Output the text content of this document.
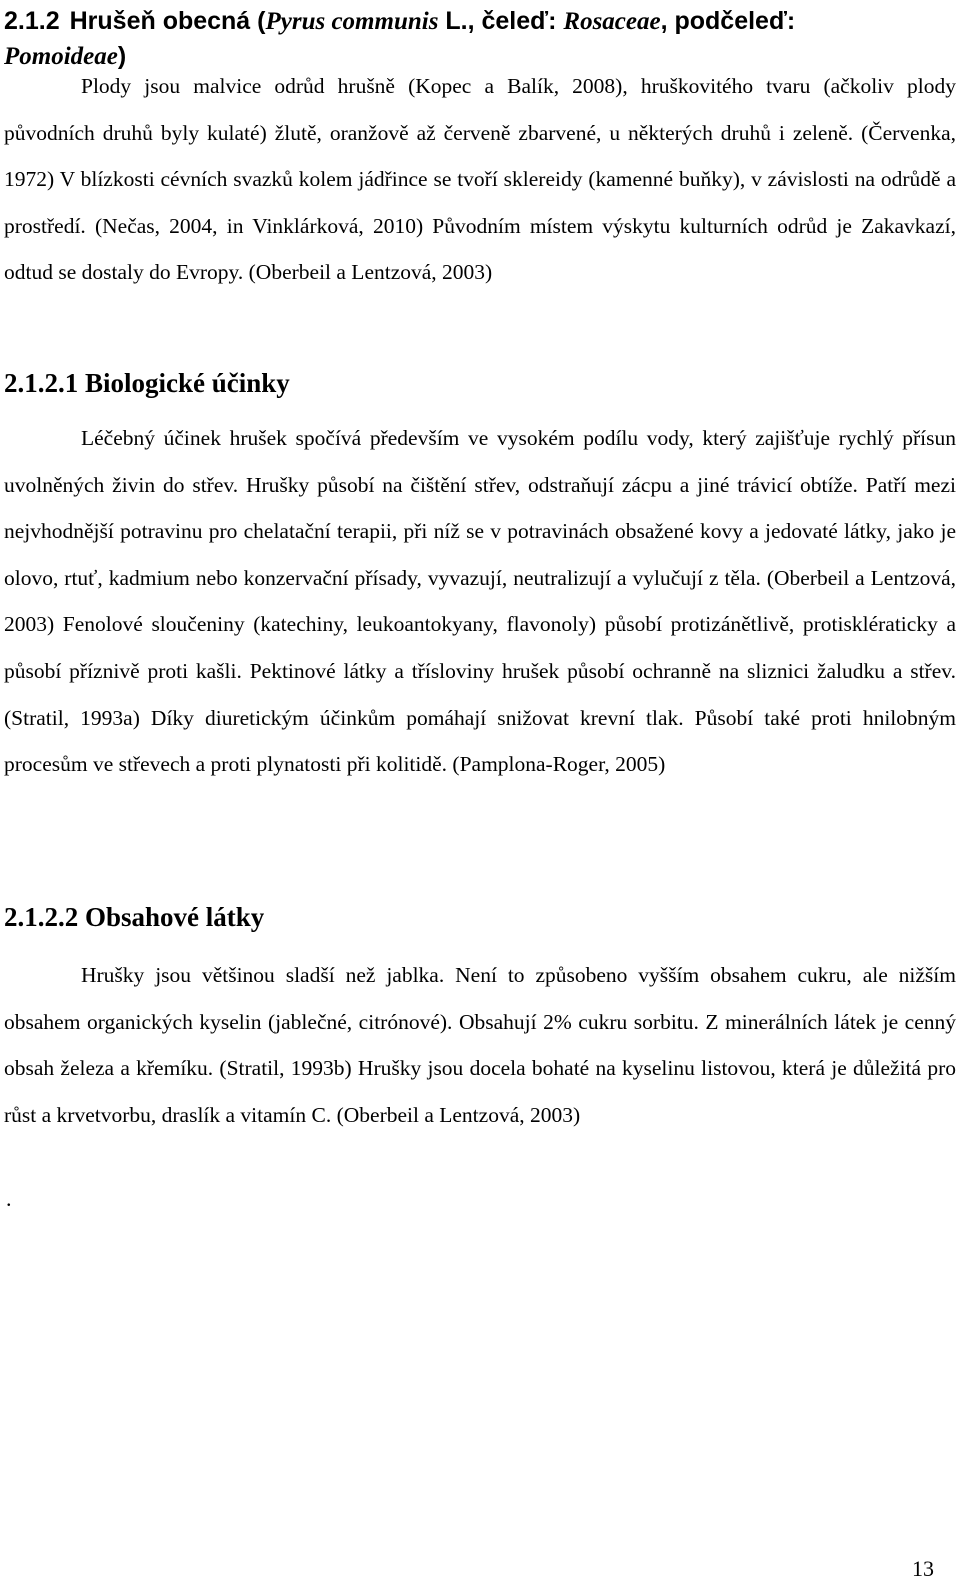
2.1.2 Hrušeň obecná (Pyrus communis L., čeleď: Rosaceae, podčeleď:
Pomoideae)

Plody jsou malvice odrůd hrušně (Kopec a Balík, 2008), hruškovitého tvaru (ačkoliv plody původních druhů byly kulaté) žlutě, oranžově až červeně zbarvené, u některých druhů i zeleně. (Červenka, 1972) V blízkosti cévních svazků kolem jádřince se tvoří sklereidy (kamenné buňky), v závislosti na odrůdě a prostředí. (Nečas, 2004, in Vinklárková, 2010) Původním místem výskytu kulturních odrůd je Zakavkazí, odtud se dostaly do Evropy. (Oberbeil a Lentzová, 2003)

2.1.2.1 Biologické účinky

Léčebný účinek hrušek spočívá především ve vysokém podílu vody, který zajišťuje rychlý přísun uvolněných živin do střev. Hrušky působí na čištění střev, odstraňují zácpu a jiné trávicí obtíže. Patří mezi nejvhodnější potravinu pro chelatační terapii, při níž se v potravinách obsažené kovy a jedovaté látky, jako je olovo, rtuť, kadmium nebo konzervační přísady, vyvazují, neutralizují a vylučují z těla. (Oberbeil a Lentzová, 2003) Fenolové sloučeniny (katechiny, leukoantokyany, flavonoly) působí protizánětlivě, protisklératicky a působí příznivě proti kašli. Pektinové látky a třísloviny hrušek působí ochranně na sliznici žaludku a střev. (Stratil, 1993a) Díky diuretickým účinkům pomáhají snižovat krevní tlak. Působí také proti hnilobným procesům ve střevech a proti plynatosti při kolitidě. (Pamplona-Roger, 2005)

2.1.2.2 Obsahové látky

Hrušky jsou většinou sladší než jablka. Není to způsobeno vyšším obsahem cukru, ale nižším obsahem organických kyselin (jablečné, citrónové). Obsahují 2% cukru sorbitu. Z minerálních látek je cenný obsah železa a křemíku. (Stratil, 1993b) Hrušky jsou docela bohaté na kyselinu listovou, která je důležitá pro růst a krvetvorbu, draslík a vitamín C. (Oberbeil a Lentzová, 2003)

.
13
